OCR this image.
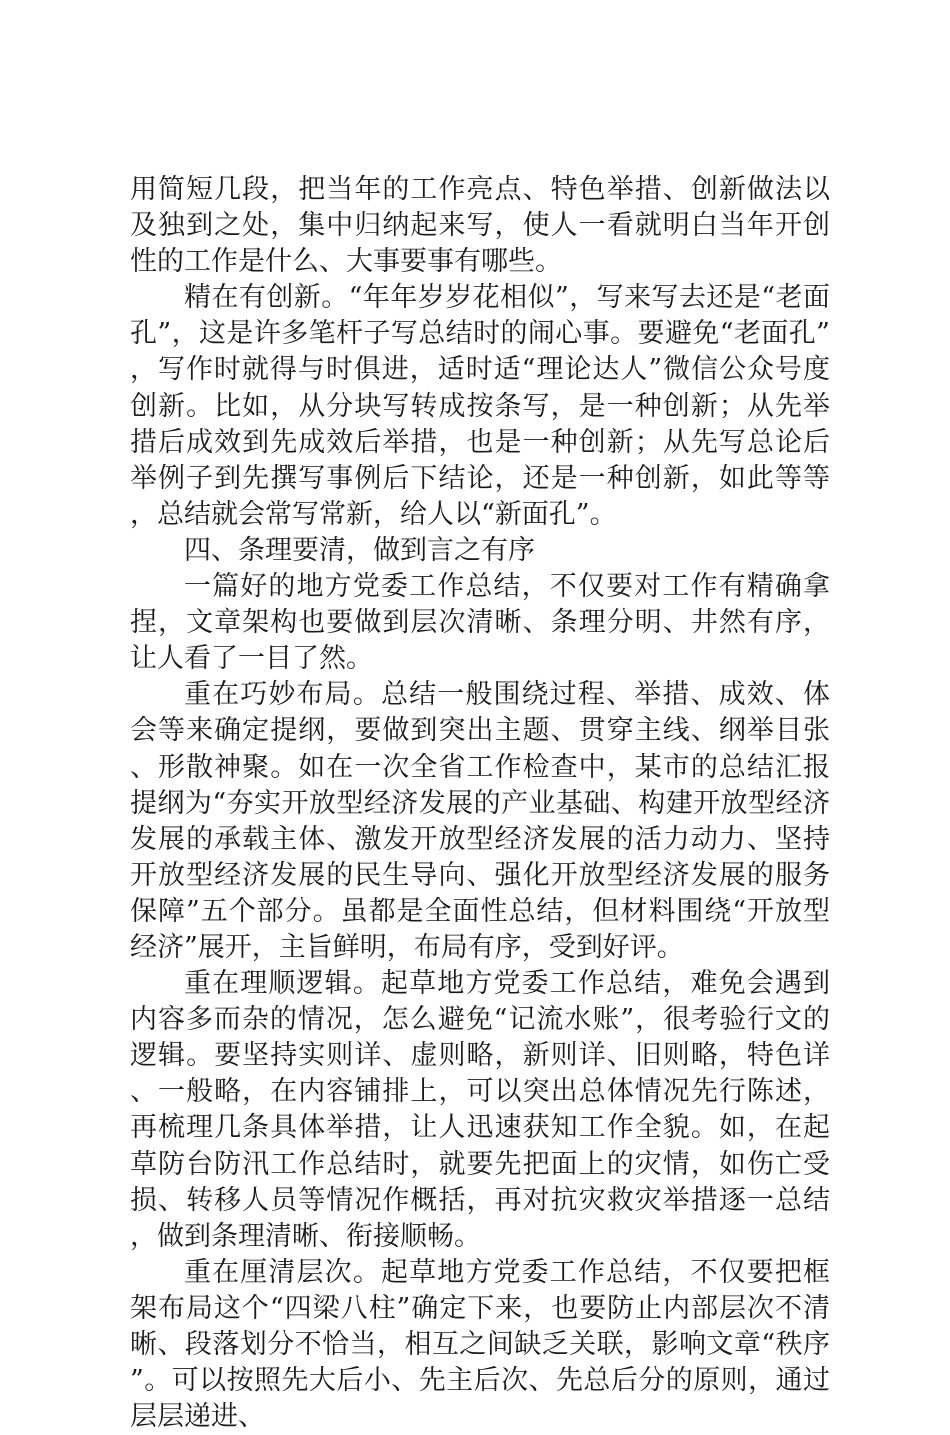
用简短几段，把当年的工作亮点、特色举措、创新做法以及独到之处，集中归纳起来写，使人一看就明白当年开创性的工作是什么、大事要事有哪些。

精在有创新。“年年岁岁花相似”，写来写去还是“老面孔”，这是许多笔杆子写总结时的闹心事。要避免“老面孔”，写作时就得与时俱进，适时适“理论达人”微信公众号度创新。比如，从分块写转成按条写，是一种创新；从先举措后成效到先成效后举措，也是一种创新；从先写总论后举例子到先撰写事例后下结论，还是一种创新，如此等等，总结就会常写常新，给人以“新面孔”。

四、条理要清，做到言之有序

一篇好的地方党委工作总结，不仅要对工作有精确拿捏，文章架构也要做到层次清晰、条理分明、井然有序，让人看了一目了然。

重在巧妙布局。总结一般围绕过程、举措、成效、体会等来确定提纲，要做到突出主题、贯穿主线、纲举目张、形散神聚。如在一次全省工作检查中，某市的总结汇报提纲为“夯实开放型经济发展的产业基础、构建开放型经济发展的承载主体、激发开放型经济发展的活力动力、坚持开放型经济发展的民生导向、强化开放型经济发展的服务保障”五个部分。虽都是全面性总结，但材料围绕“开放型经济”展开，主旨鲜明，布局有序，受到好评。

重在理顺逻辑。起草地方党委工作总结，难免会遇到内容多而杂的情况，怎么避免“记流水账”，很考验行文的逻辑。要坚持实则详、虚则略，新则详、旧则略，特色详、一般略，在内容铺排上，可以突出总体情况先行陈述，再梳理几条具体举措，让人迅速获知工作全貌。如，在起草防台防汛工作总结时，就要先把面上的灾情，如伤亡受损、转移人员等情况作概括，再对抗灾救灾举措逐一总结，做到条理清晰、衔接顺畅。

重在厘清层次。起草地方党委工作总结，不仅要把框架布局这个“四梁八柱”确定下来，也要防止内部层次不清晰、段落划分不恰当，相互之间缺乏关联，影响文章“秩序”。可以按照先大后小、先主后次、先总后分的原则，通过层层递进、
